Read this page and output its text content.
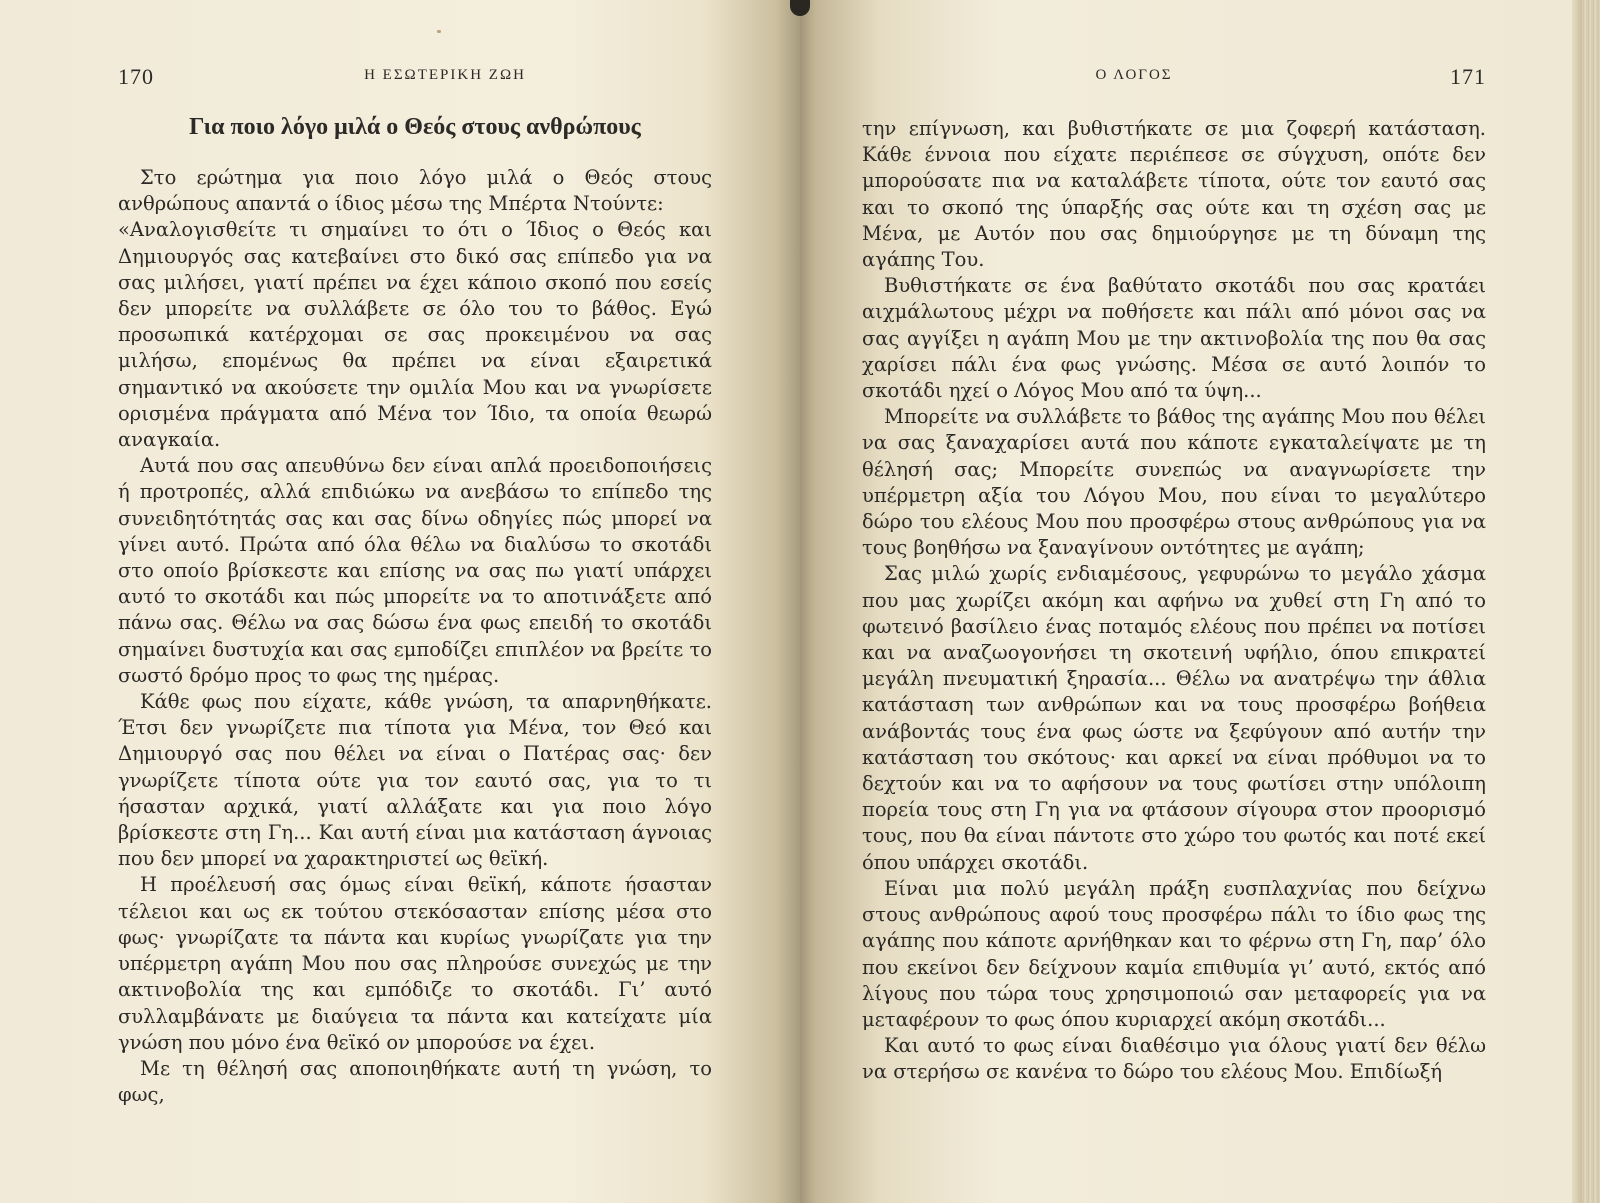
170	Η ΕΣΩΤΕΡΙΚΗ ΖΩΗ
Για ποιο λόγο μιλά ο Θεός στους ανθρώπους

Στο ερώτημα για ποιο λόγο μιλά ο Θεός στους ανθρώπους απαντά ο ίδιος μέσω της Μπέρτα Ντούντε:

«Αναλογισθείτε τι σημαίνει το ότι ο Ίδιος ο Θεός και Δημιουργός σας κατεβαίνει στο δικό σας επίπεδο για να σας μιλήσει, γιατί πρέπει να έχει κάποιο σκοπό που εσείς δεν μπορείτε να συλλάβετε σε όλο του το βάθος. Εγώ προσωπικά κατέρχομαι σε σας προκειμένου να σας μιλήσω, επομένως θα πρέπει να είναι εξαιρετικά σημαντικό να ακούσετε την ομιλία Μου και να γνωρίσετε ορισμένα πράγματα από Μένα τον Ίδιο, τα οποία θεωρώ αναγκαία.

Αυτά που σας απευθύνω δεν είναι απλά προειδοποιήσεις ή προτροπές, αλλά επιδιώκω να ανεβάσω το επίπεδο της συνειδητότητάς σας και σας δίνω οδηγίες πώς μπορεί να γίνει αυτό. Πρώτα από όλα θέλω να διαλύσω το σκοτάδι στο οποίο βρίσκεστε και επίσης να σας πω γιατί υπάρχει αυτό το σκοτάδι και πώς μπορείτε να το αποτινάξετε από πάνω σας. Θέλω να σας δώσω ένα φως επειδή το σκοτάδι σημαίνει δυστυχία και σας εμποδίζει επιπλέον να βρείτε το σωστό δρόμο προς το φως της ημέρας.

Κάθε φως που είχατε, κάθε γνώση, τα απαρνηθήκατε. Έτσι δεν γνωρίζετε πια τίποτα για Μένα, τον Θεό και Δημιουργό σας που θέλει να είναι ο Πατέρας σας· δεν γνωρίζετε τίποτα ούτε για τον εαυτό σας, για το τι ήσασταν αρχικά, γιατί αλλάξατε και για ποιο λόγο βρίσκεστε στη Γη... Και αυτή είναι μια κατάσταση άγνοιας που δεν μπορεί να χαρακτηριστεί ως θεϊκή.

Η προέλευσή σας όμως είναι θεϊκή, κάποτε ήσασταν τέλειοι και ως εκ τούτου στεκόσασταν επίσης μέσα στο φως· γνωρίζατε τα πάντα και κυρίως γνωρίζατε για την υπέρμετρη αγάπη Μου που σας πληρούσε συνεχώς με την ακτινοβολία της και εμπόδιζε το σκοτάδι. Γι’ αυτό συλλαμβάνατε με διαύγεια τα πάντα και κατείχατε μία γνώση που μόνο ένα θεϊκό ον μπορούσε να έχει.

Με τη θέλησή σας αποποιηθήκατε αυτή τη γνώση, το φως,

Ο ΛΟΓΟΣ	171

την επίγνωση, και βυθιστήκατε σε μια ζοφερή κατάσταση. Κάθε έννοια που είχατε περιέπεσε σε σύγχυση, οπότε δεν μπορούσατε πια να καταλάβετε τίποτα, ούτε τον εαυτό σας και το σκοπό της ύπαρξής σας ούτε και τη σχέση σας με Μένα, με Αυτόν που σας δημιούργησε με τη δύναμη της αγάπης Του.

Βυθιστήκατε σε ένα βαθύτατο σκοτάδι που σας κρατάει αιχμάλωτους μέχρι να ποθήσετε και πάλι από μόνοι σας να σας αγγίξει η αγάπη Μου με την ακτινοβολία της που θα σας χαρίσει πάλι ένα φως γνώσης. Μέσα σε αυτό λοιπόν το σκοτάδι ηχεί ο Λόγος Μου από τα ύψη...

Μπορείτε να συλλάβετε το βάθος της αγάπης Μου που θέλει να σας ξαναχαρίσει αυτά που κάποτε εγκαταλείψατε με τη θέλησή σας; Μπορείτε συνεπώς να αναγνωρίσετε την υπέρμετρη αξία του Λόγου Μου, που είναι το μεγαλύτερο δώρο του ελέους Μου που προσφέρω στους ανθρώπους για να τους βοηθήσω να ξαναγίνουν οντότητες με αγάπη;

Σας μιλώ χωρίς ενδιαμέσους, γεφυρώνω το μεγάλο χάσμα που μας χωρίζει ακόμη και αφήνω να χυθεί στη Γη από το φωτεινό βασίλειο ένας ποταμός ελέους που πρέπει να ποτίσει και να αναζωογονήσει τη σκοτεινή υφήλιο, όπου επικρατεί μεγάλη πνευματική ξηρασία... Θέλω να ανατρέψω την άθλια κατάσταση των ανθρώπων και να τους προσφέρω βοήθεια ανάβοντάς τους ένα φως ώστε να ξεφύγουν από αυτήν την κατάσταση του σκότους· και αρκεί να είναι πρόθυμοι να το δεχτούν και να το αφήσουν να τους φωτίσει στην υπόλοιπη πορεία τους στη Γη για να φτάσουν σίγουρα στον προορισμό τους, που θα είναι πάντοτε στο χώρο του φωτός και ποτέ εκεί όπου υπάρχει σκοτάδι.

Είναι μια πολύ μεγάλη πράξη ευσπλαχνίας που δείχνω στους ανθρώπους αφού τους προσφέρω πάλι το ίδιο φως της αγάπης που κάποτε αρνήθηκαν και το φέρνω στη Γη, παρ’ όλο που εκείνοι δεν δείχνουν καμία επιθυμία γι’ αυτό, εκτός από λίγους που τώρα τους χρησιμοποιώ σαν μεταφορείς για να μεταφέρουν το φως όπου κυριαρχεί ακόμη σκοτάδι...

Και αυτό το φως είναι διαθέσιμο για όλους γιατί δεν θέλω να στερήσω σε κανένα το δώρο του ελέους Μου. Επιδίωξή
